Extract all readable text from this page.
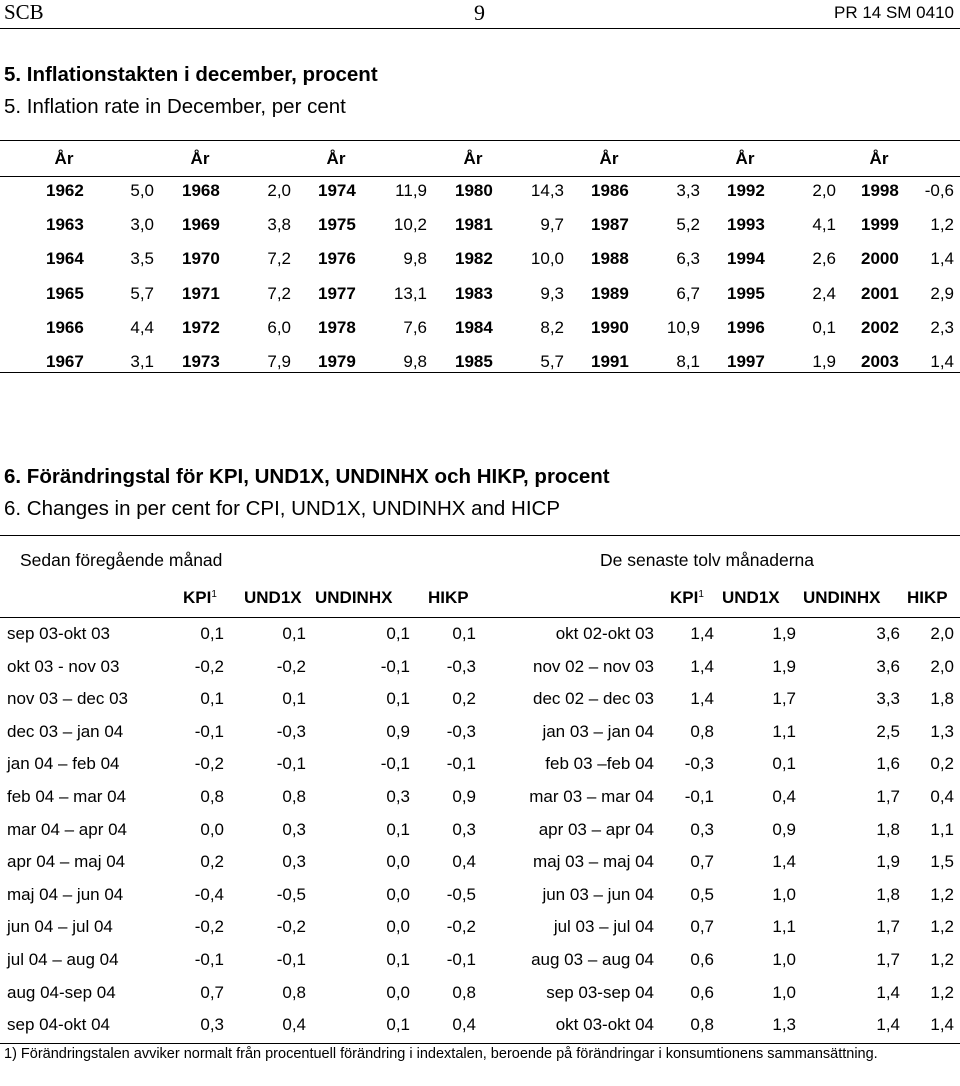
SCB	9	PR 14 SM 0410
5. Inflationstakten i december, procent
5. Inflation rate in December, per cent
År	År	År	År	År	År	År
1962	5,0 1968	2,0 1974	11,9 1980	14,3 1986	3,3 1992	2,0 1998	-0,6
1963	3,0 1969	3,8 1975	10,2 1981	9,7 1987	5,2 1993	4,1 1999	1,2
1964	3,5 1970	7,2 1976	9,8 1982	10,0 1988	6,3 1994	2,6 2000	1,4
1965	5,7 1971	7,2 1977	13,1 1983	9,3 1989	6,7 1995	2,4 2001	2,9
1966	4,4 1972	6,0 1978	7,6 1984	8,2 1990	10,9 1996	0,1 2002	2,3
1967	3,1 1973	7,9 1979	9,8 1985	5,7 1991	8,1 1997	1,9 2003	1,4
6. Förändringstal för KPI, UND1X, UNDINHX och HIKP, procent
6. Changes in per cent for CPI, UND1X, UNDINHX and HICP
Sedan föregående månad	De senaste tolv månaderna
KPI$^1$ UND1X UNDINHX HIKP	KPI$^1$ UND1X UNDINHX HIKP
sep 03-okt 03	0,1	0,1	0,1	0,1	okt 02-okt 03	1,4	1,9	3,6	2,0
okt 03 - nov 03	-0,2	-0,2	-0,1	-0,3	nov 02 – nov 03	1,4	1,9	3,6	2,0
nov 03 – dec 03	0,1	0,1	0,1	0,2	dec 02 – dec 03	1,4	1,7	3,3	1,8
dec 03 – jan 04	-0,1	-0,3	0,9	-0,3	jan 03 – jan 04	0,8	1,1	2,5	1,3
jan 04 – feb 04	-0,2	-0,1	-0,1	-0,1	feb 03 –feb 04	-0,3	0,1	1,6	0,2
feb 04 – mar 04	0,8	0,8	0,3	0,9	mar 03 – mar 04	-0,1	0,4	1,7	0,4
mar 04 – apr 04	0,0	0,3	0,1	0,3	apr 03 – apr 04	0,3	0,9	1,8	1,1
apr 04 – maj 04	0,2	0,3	0,0	0,4	maj 03 – maj 04	0,7	1,4	1,9	1,5
maj 04 – jun 04	-0,4	-0,5	0,0	-0,5	jun 03 – jun 04	0,5	1,0	1,8	1,2
jun 04 – jul 04	-0,2	-0,2	0,0	-0,2	jul 03 – jul 04	0,7	1,1	1,7	1,2
jul 04 – aug 04	-0,1	-0,1	0,1	-0,1	aug 03 – aug 04	0,6	1,0	1,7	1,2
aug 04-sep 04	0,7	0,8	0,0	0,8	sep 03-sep 04	0,6	1,0	1,4	1,2
sep 04-okt 04	0,3	0,4	0,1	0,4	okt 03-okt 04	0,8	1,3	1,4	1,4
1) Förändringstalen avviker normalt från procentuell förändring i indextalen, beroende på förändringar i konsumtionens sammansättning.
